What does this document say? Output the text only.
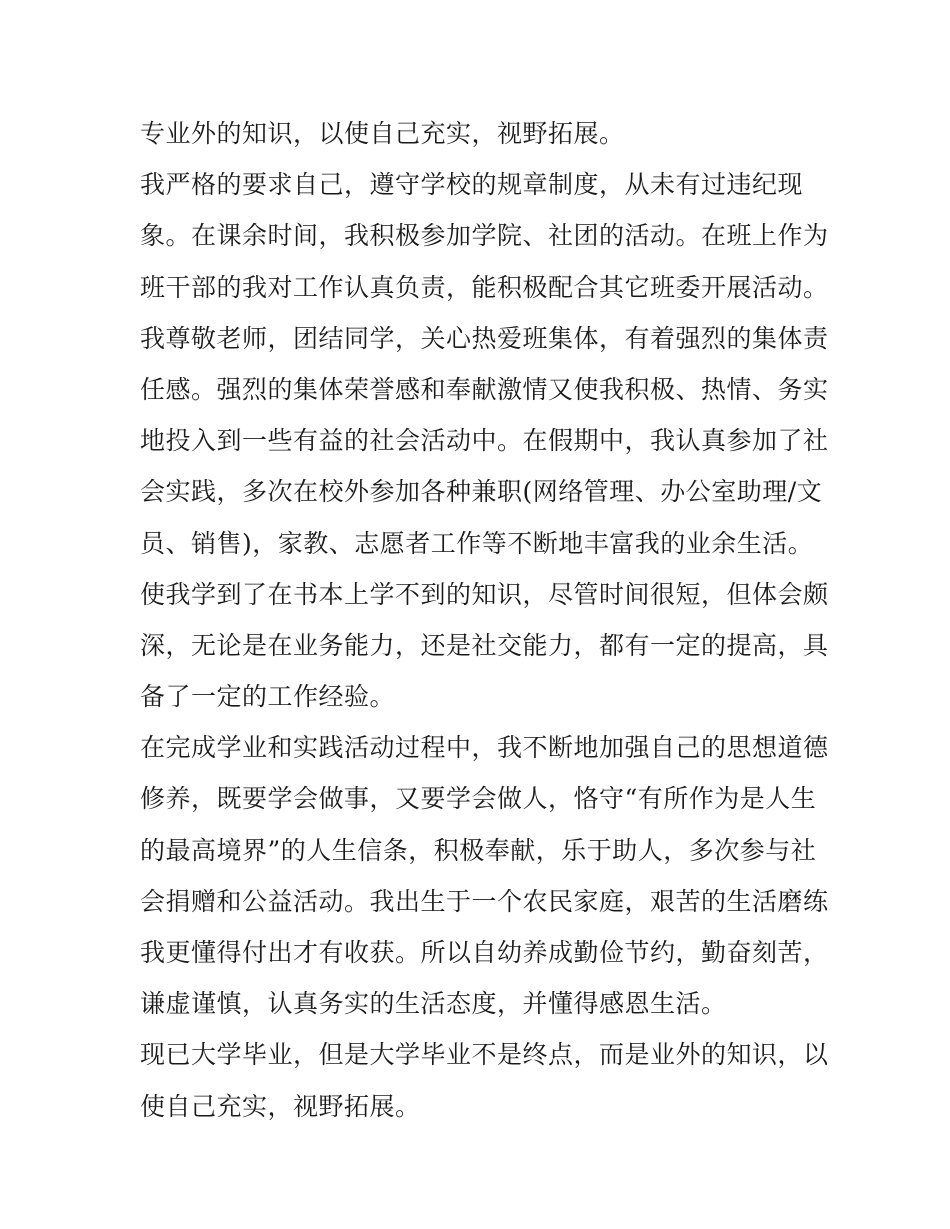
专业外的知识，以使自己充实，视野拓展。
我严格的要求自己，遵守学校的规章制度，从未有过违纪现
象。在课余时间，我积极参加学院、社团的活动。在班上作为
班干部的我对工作认真负责，能积极配合其它班委开展活动。
我尊敬老师，团结同学，关心热爱班集体，有着强烈的集体责
任感。强烈的集体荣誉感和奉献激情又使我积极、热情、务实
地投入到一些有益的社会活动中。在假期中，我认真参加了社
会实践，多次在校外参加各种兼职(网络管理、办公室助理/文
员、销售)，家教、志愿者工作等不断地丰富我的业余生活。
使我学到了在书本上学不到的知识，尽管时间很短，但体会颇
深，无论是在业务能力，还是社交能力，都有一定的提高，具
备了一定的工作经验。
在完成学业和实践活动过程中，我不断地加强自己的思想道德
修养，既要学会做事，又要学会做人，恪守“有所作为是人生
的最高境界”的人生信条，积极奉献，乐于助人，多次参与社
会捐赠和公益活动。我出生于一个农民家庭，艰苦的生活磨练
我更懂得付出才有收获。所以自幼养成勤俭节约，勤奋刻苦，
谦虚谨慎，认真务实的生活态度，并懂得感恩生活。
现已大学毕业，但是大学毕业不是终点，而是业外的知识，以
使自己充实，视野拓展。
